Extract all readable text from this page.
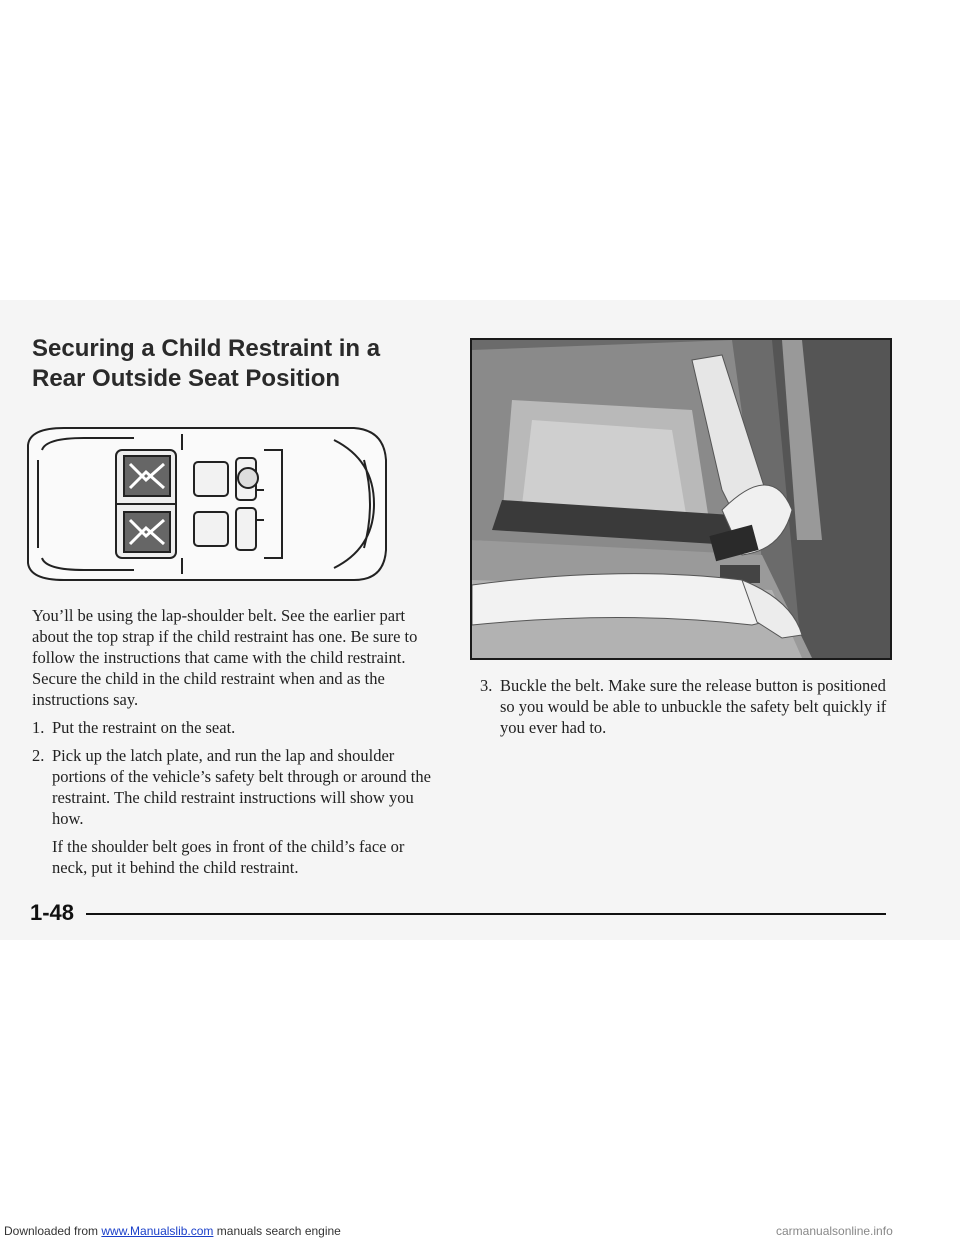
Securing a Child Restraint in a Rear Outside Seat Position

You’ll be using the lap-shoulder belt. See the earlier part about the top strap if the child restraint has one. Be sure to follow the instructions that came with the child restraint. Secure the child in the child restraint when and as the instructions say.

1. Put the restraint on the seat.
2. Pick up the latch plate, and run the lap and shoulder portions of the vehicle’s safety belt through or around the restraint. The child restraint instructions will show you how.

If the shoulder belt goes in front of the child’s face or neck, put it behind the child restraint.

3. Buckle the belt. Make sure the release button is positioned so you would be able to unbuckle the safety belt quickly if you ever had to.
1-48
Downloaded from www.Manualslib.com manuals search engine	carmanualsonline.info
